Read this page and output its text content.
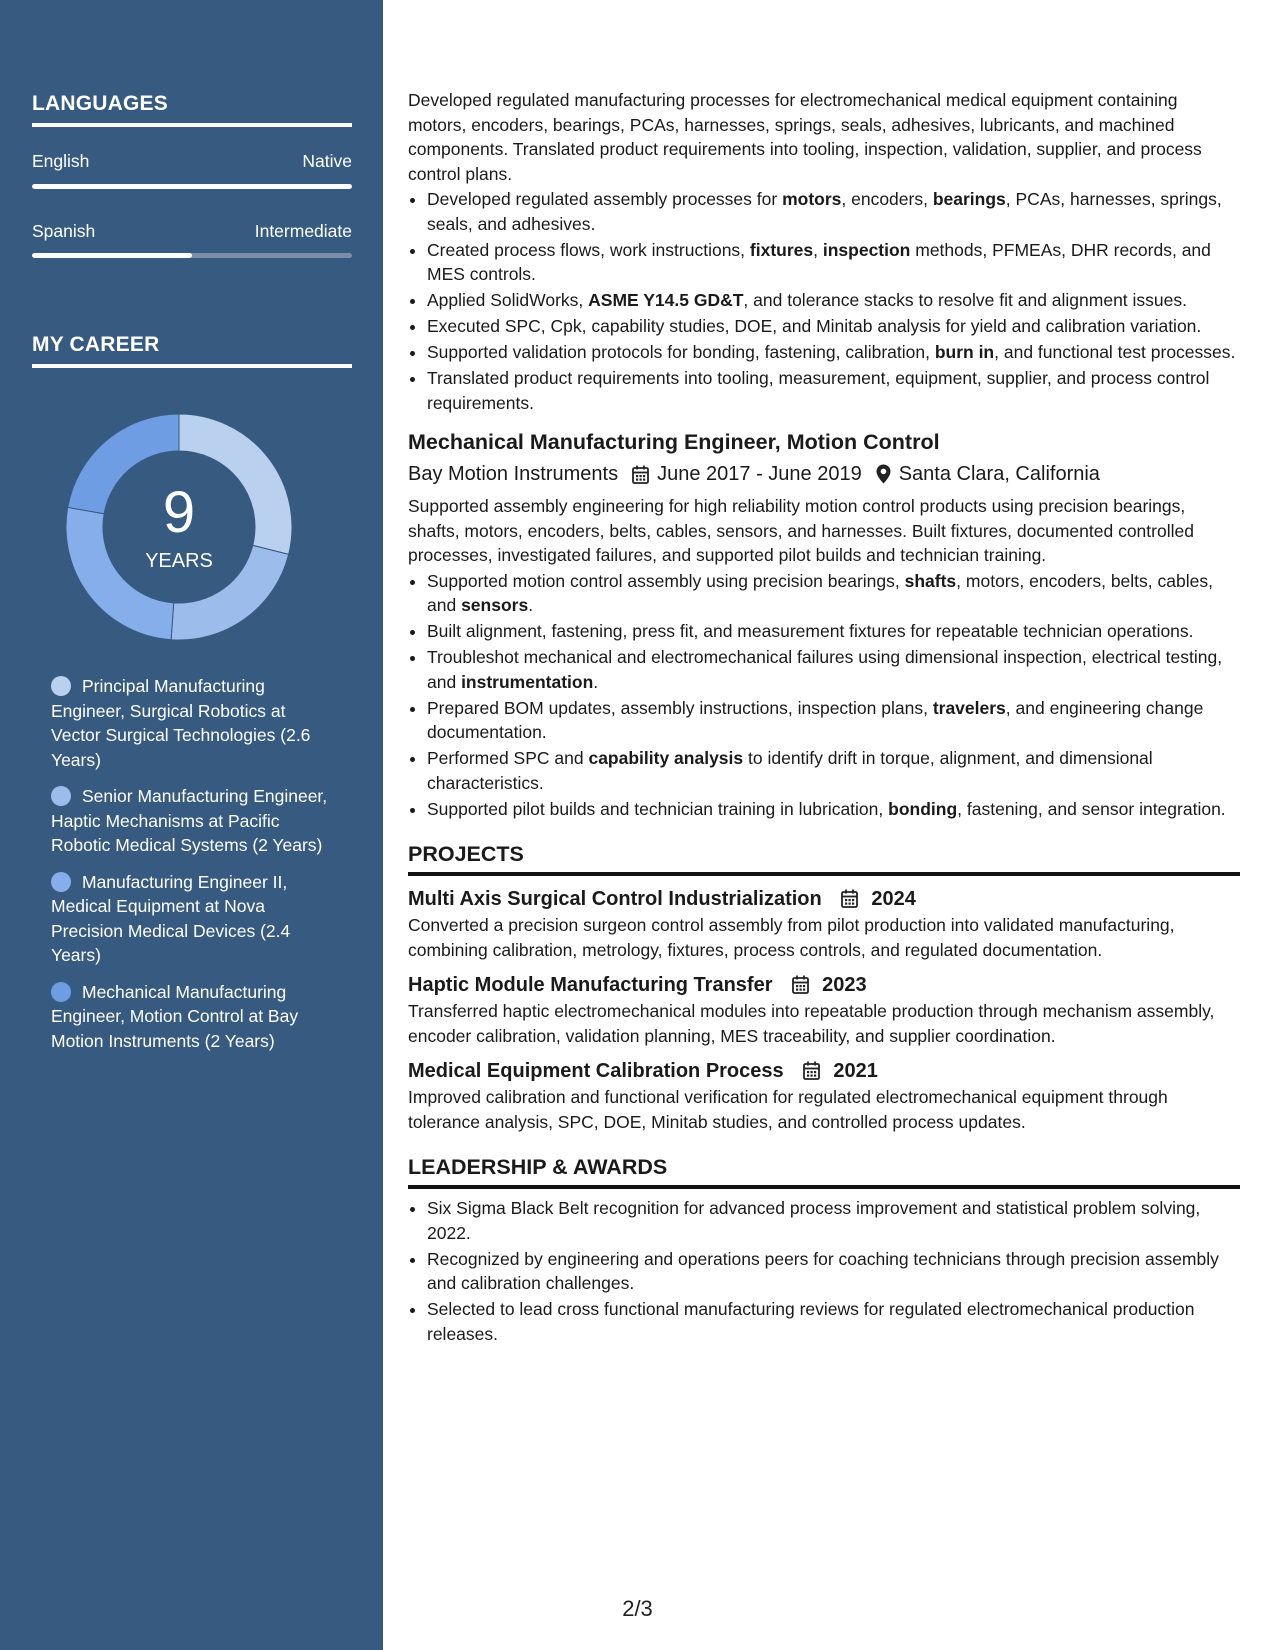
LANGUAGES
English	Native
Spanish	Intermediate
MY CAREER
9
YEARS
Principal Manufacturing Engineer, Surgical Robotics at Vector Surgical Technologies (2.6 Years)
Senior Manufacturing Engineer, Haptic Mechanisms at Pacific Robotic Medical Systems (2 Years)
Manufacturing Engineer II, Medical Equipment at Nova Precision Medical Devices (2.4 Years)
Mechanical Manufacturing Engineer, Motion Control at Bay Motion Instruments (2 Years)

Developed regulated manufacturing processes for electromechanical medical equipment containing motors, encoders, bearings, PCAs, harnesses, springs, seals, adhesives, lubricants, and machined components. Translated product requirements into tooling, inspection, validation, supplier, and process control plans.

• Developed regulated assembly processes for motors, encoders, bearings, PCAs, harnesses, springs, seals, and adhesives.
• Created process flows, work instructions, fixtures, inspection methods, PFMEAs, DHR records, and MES controls.
• Applied SolidWorks, ASME Y14.5 GD&T, and tolerance stacks to resolve fit and alignment issues.
• Executed SPC, Cpk, capability studies, DOE, and Minitab analysis for yield and calibration variation.
• Supported validation protocols for bonding, fastening, calibration, burn in, and functional test processes.
• Translated product requirements into tooling, measurement, equipment, supplier, and process control requirements.
Mechanical Manufacturing Engineer, Motion Control
Bay Motion Instruments June 2017 - June 2019 Santa Clara, California

Supported assembly engineering for high reliability motion control products using precision bearings, shafts, motors, encoders, belts, cables, sensors, and harnesses. Built fixtures, documented controlled processes, investigated failures, and supported pilot builds and technician training.

• Supported motion control assembly using precision bearings, shafts, motors, encoders, belts, cables, and sensors.
• Built alignment, fastening, press fit, and measurement fixtures for repeatable technician operations.
• Troubleshot mechanical and electromechanical failures using dimensional inspection, electrical testing, and instrumentation.
• Prepared BOM updates, assembly instructions, inspection plans, travelers, and engineering change documentation.
• Performed SPC and capability analysis to identify drift in torque, alignment, and dimensional characteristics.
• Supported pilot builds and technician training in lubrication, bonding, fastening, and sensor integration.
PROJECTS
Multi Axis Surgical Control Industrialization 2024

Converted a precision surgeon control assembly from pilot production into validated manufacturing, combining calibration, metrology, fixtures, process controls, and regulated documentation.

Haptic Module Manufacturing Transfer 2023

Transferred haptic electromechanical modules into repeatable production through mechanism assembly, encoder calibration, validation planning, MES traceability, and supplier coordination.

Medical Equipment Calibration Process 2021

Improved calibration and functional verification for regulated electromechanical equipment through tolerance analysis, SPC, DOE, Minitab studies, and controlled process updates.

LEADERSHIP & AWARDS
• Six Sigma Black Belt recognition for advanced process improvement and statistical problem solving, 2022.
• Recognized by engineering and operations peers for coaching technicians through precision assembly and calibration challenges.
• Selected to lead cross functional manufacturing reviews for regulated electromechanical production releases.
2/3
